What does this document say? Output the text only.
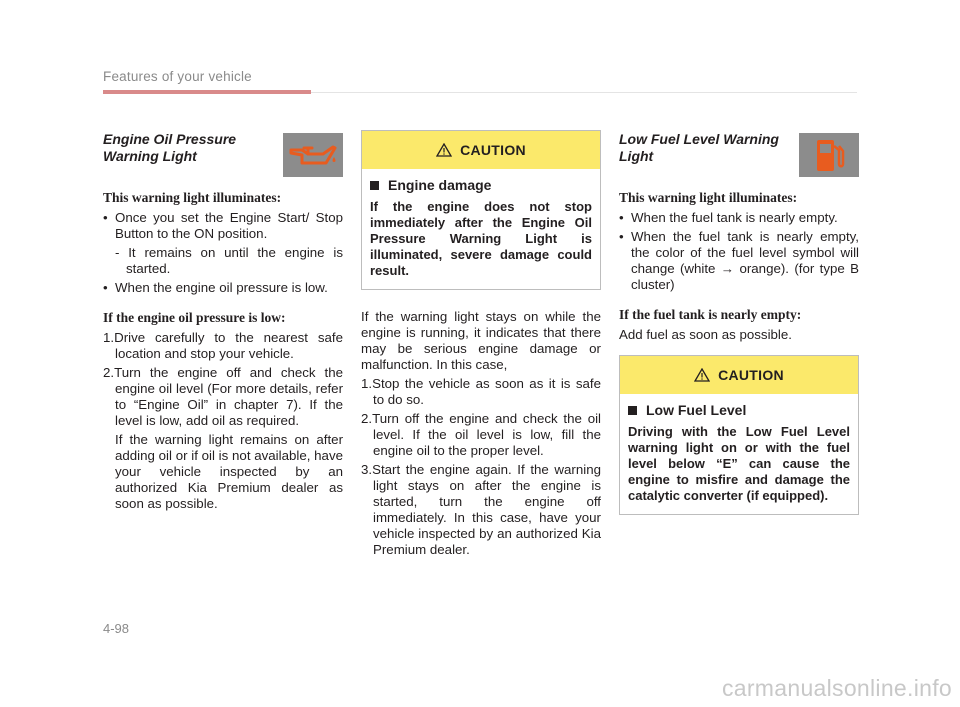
Features of your vehicle
Engine Oil Pressure Warning Light
This warning light illuminates:
• Once you set the Engine Start/ Stop Button to the ON position.
- It remains on until the engine is started.
• When the engine oil pressure is low.
If the engine oil pressure is low:
1.Drive carefully to the nearest safe location and stop your vehicle.
2.Turn the engine off and check the engine oil level (For more details, refer to “Engine Oil” in chapter 7). If the level is low, add oil as required.
If the warning light remains on after adding oil or if oil is not available, have your vehicle inspected by an authorized Kia Premium dealer as soon as possible.
CAUTION
Engine damage
If the engine does not stop immediately after the Engine Oil Pressure Warning Light is illuminated, severe damage could result.
If the warning light stays on while the engine is running, it indicates that there may be serious engine damage or malfunction. In this case,
1.Stop the vehicle as soon as it is safe to do so.
2.Turn off the engine and check the oil level. If the oil level is low, fill the engine oil to the proper level.
3.Start the engine again. If the warning light stays on after the engine is started, turn the engine off immediately. In this case, have your vehicle inspected by an authorized Kia Premium dealer.
Low Fuel Level Warning Light
This warning light illuminates:
• When the fuel tank is nearly empty.
• When the fuel tank is nearly empty, the color of the fuel level symbol will change (white → orange). (for type B cluster)
If the fuel tank is nearly empty:
Add fuel as soon as possible.
CAUTION
Low Fuel Level
Driving with the Low Fuel Level warning light on or with the fuel level below “E” can cause the engine to misfire and damage the catalytic converter (if equipped).
4-98
carmanualsonline.info
